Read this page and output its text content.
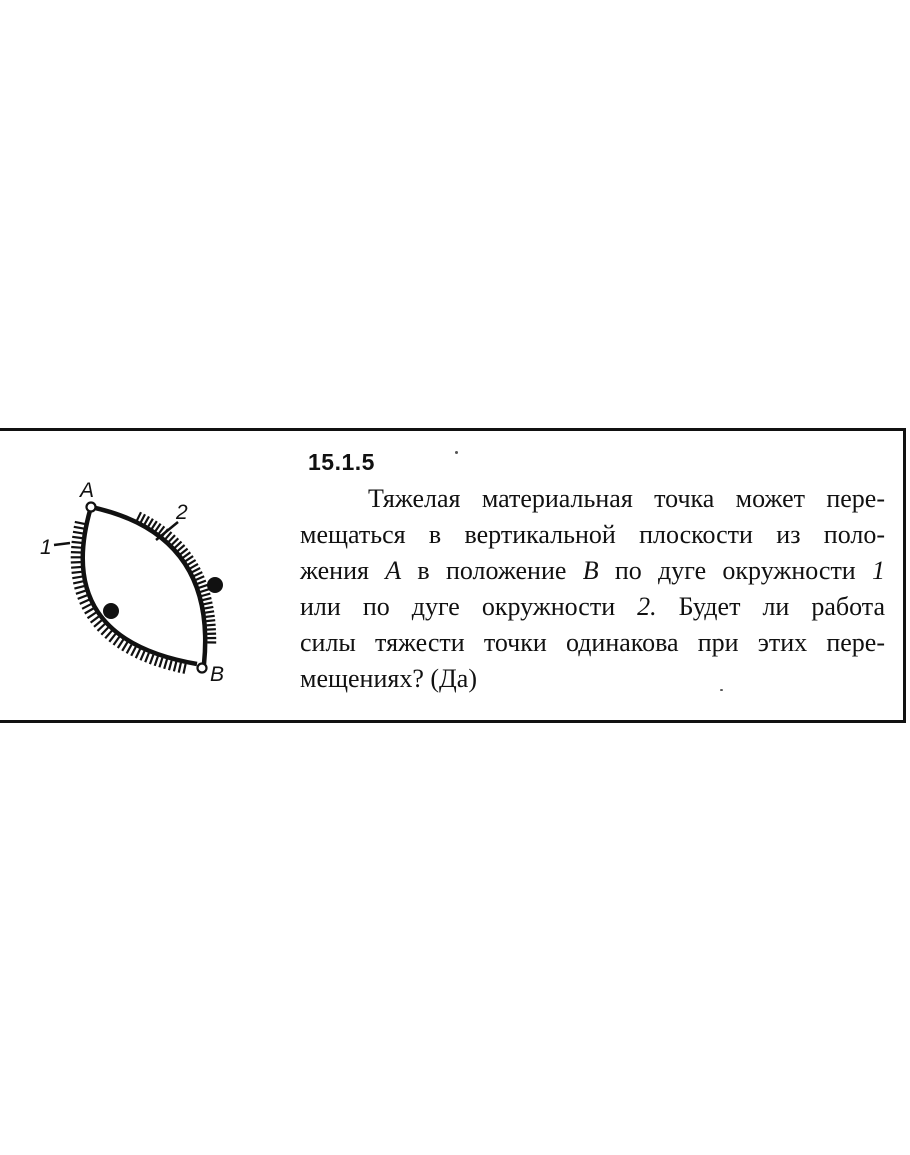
A
B
1
2
15.1.5
Тяжелая материальная точка может пере-
мещаться в вертикальной плоскости из поло-
жения A в положение B по дуге окружности 1
или по дуге окружности 2. Будет ли работа
силы тяжести точки одинакова при этих пере-
мещениях? (Да)
